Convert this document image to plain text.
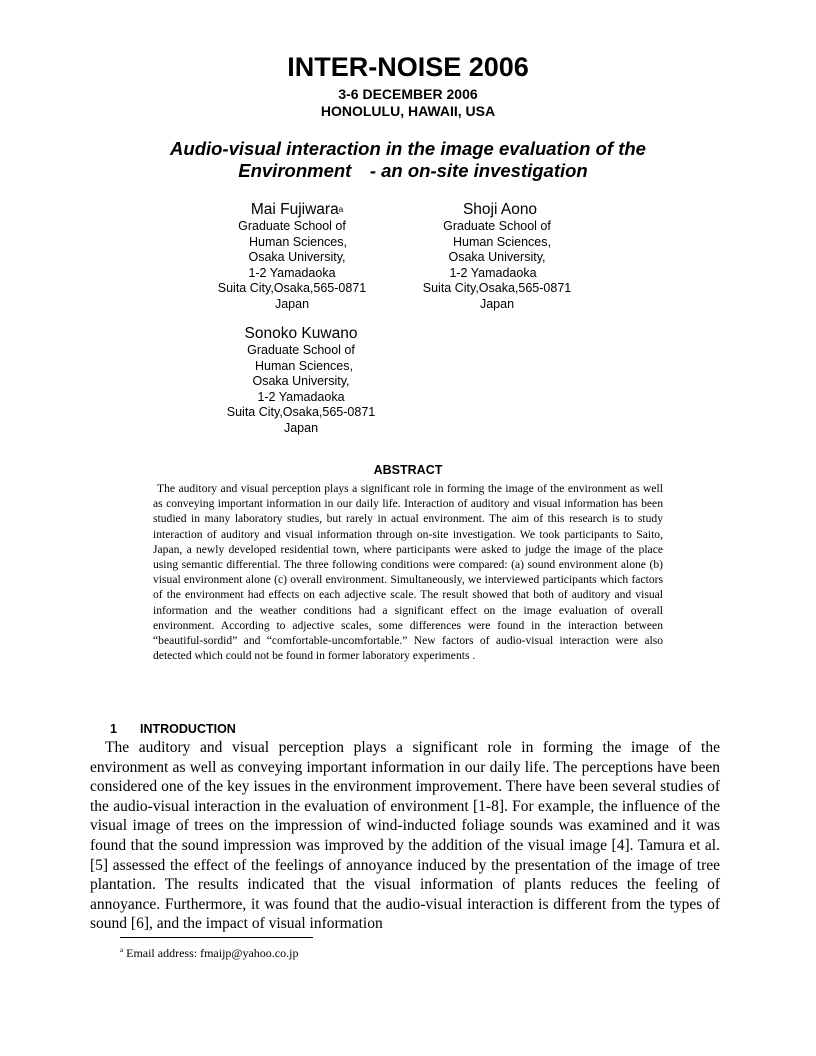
INTER-NOISE 2006
3-6 DECEMBER 2006
HONOLULU, HAWAII, USA
Audio-visual interaction in the image evaluation of the
Environment　- an on-site investigation
Mai Fujiwara$^a$
Graduate School of
Human Sciences,
Osaka University,
1-2 Yamadaoka
Suita City,Osaka,565-0871
Japan
Shoji Aono
Graduate School of
Human Sciences,
Osaka University,
1-2 Yamadaoka
Suita City,Osaka,565-0871
Japan
Sonoko Kuwano
Graduate School of
Human Sciences,
Osaka University,
1-2 Yamadaoka
Suita City,Osaka,565-0871
Japan
ABSTRACT
The auditory and visual perception plays a significant role in forming the image of the environment as well as conveying important information in our daily life. Interaction of auditory and visual information has been studied in many laboratory studies, but rarely in actual environment. The aim of this research is to study interaction of auditory and visual information through on-site investigation. We took participants to Saito, Japan, a newly developed residential town, where participants were asked to judge the image of the place using semantic differential. The three following conditions were compared: (a) sound environment alone (b) visual environment alone (c) overall environment. Simultaneously, we interviewed participants which factors of the environment had effects on each adjective scale. The result showed that both of auditory and visual information and the weather conditions had a significant effect on the image evaluation of overall environment. According to adjective scales, some differences were found in the interaction between “beautiful-sordid” and “comfortable-uncomfortable.” New factors of audio-visual interaction were also detected which could not be found in former laboratory experiments .
1 INTRODUCTION
The auditory and visual perception plays a significant role in forming the image of the environment as well as conveying important information in our daily life. The perceptions have been considered one of the key issues in the environment improvement. There have been several studies of the audio-visual interaction in the evaluation of environment [1-8]. For example, the influence of the visual image of trees on the impression of wind-inducted foliage sounds was examined and it was found that the sound impression was improved by the addition of the visual image [4]. Tamura et al. [5] assessed the effect of the feelings of annoyance induced by the presentation of the image of tree plantation. The results indicated that the visual information of plants reduces the feeling of annoyance. Furthermore, it was found that the audio-visual interaction is different from the types of sound [6], and the impact of visual information
$^a$ Email address: fmaijp@yahoo.co.jp
